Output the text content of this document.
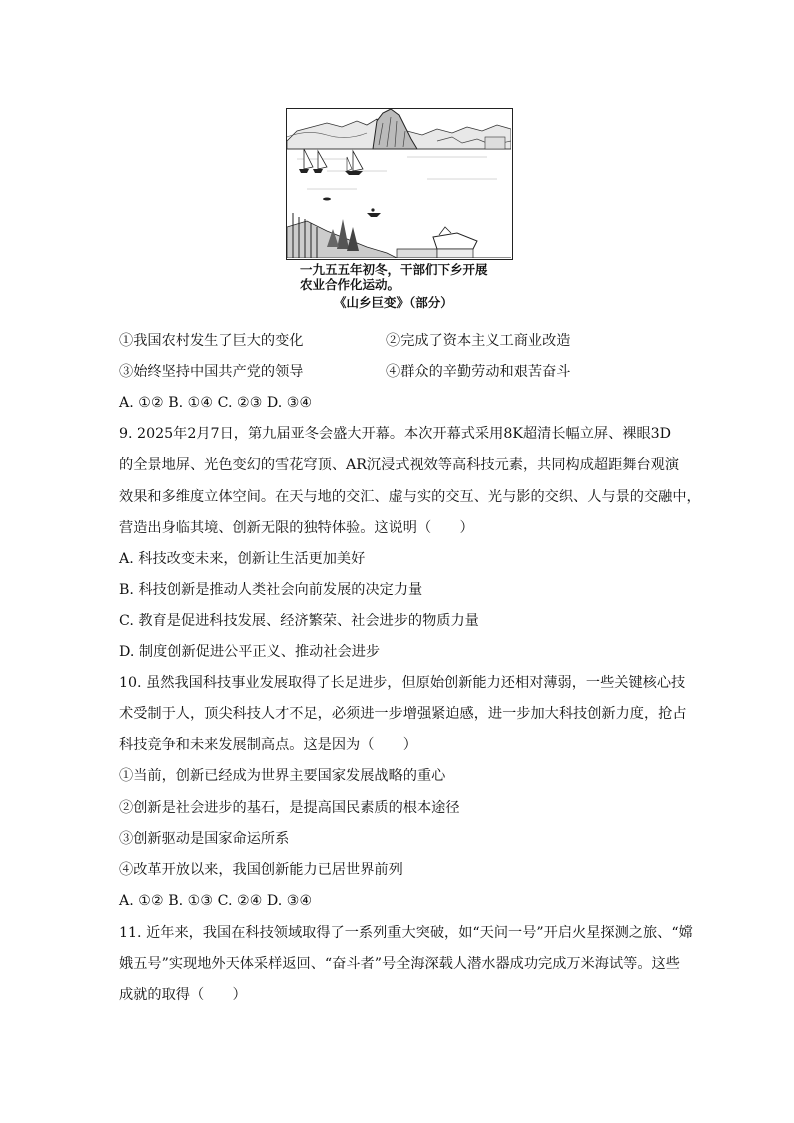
一九五五年初冬，干部们下乡开展
农业合作化运动。
《山乡巨变》（部分）
①我国农村发生了巨大的变化	②完成了资本主义工商业改造
③始终坚持中国共产党的领导	④群众的辛勤劳动和艰苦奋斗
A. ①② B. ①④ C. ②③ D. ③④
9. 2025年2月7日，第九届亚冬会盛大开幕。本次开幕式采用8K超清长幅立屏、裸眼3D
的全景地屏、光色变幻的雪花穹顶、AR沉浸式视效等高科技元素，共同构成超距舞台观演
效果和多维度立体空间。在天与地的交汇、虚与实的交互、光与影的交织、人与景的交融中，
营造出身临其境、创新无限的独特体验。这说明（　　）
A. 科技改变未来，创新让生活更加美好
B. 科技创新是推动人类社会向前发展的决定力量
C. 教育是促进科技发展、经济繁荣、社会进步的物质力量
D. 制度创新促进公平正义、推动社会进步
10. 虽然我国科技事业发展取得了长足进步，但原始创新能力还相对薄弱，一些关键核心技
术受制于人，顶尖科技人才不足，必须进一步增强紧迫感，进一步加大科技创新力度，抢占
科技竞争和未来发展制高点。这是因为（　　）
①当前，创新已经成为世界主要国家发展战略的重心
②创新是社会进步的基石，是提高国民素质的根本途径
③创新驱动是国家命运所系
④改革开放以来，我国创新能力已居世界前列
A. ①② B. ①③ C. ②④ D. ③④
11. 近年来，我国在科技领域取得了一系列重大突破，如“天问一号”开启火星探测之旅、“嫦
娥五号”实现地外天体采样返回、“奋斗者”号全海深载人潜水器成功完成万米海试等。这些
成就的取得（　　）
